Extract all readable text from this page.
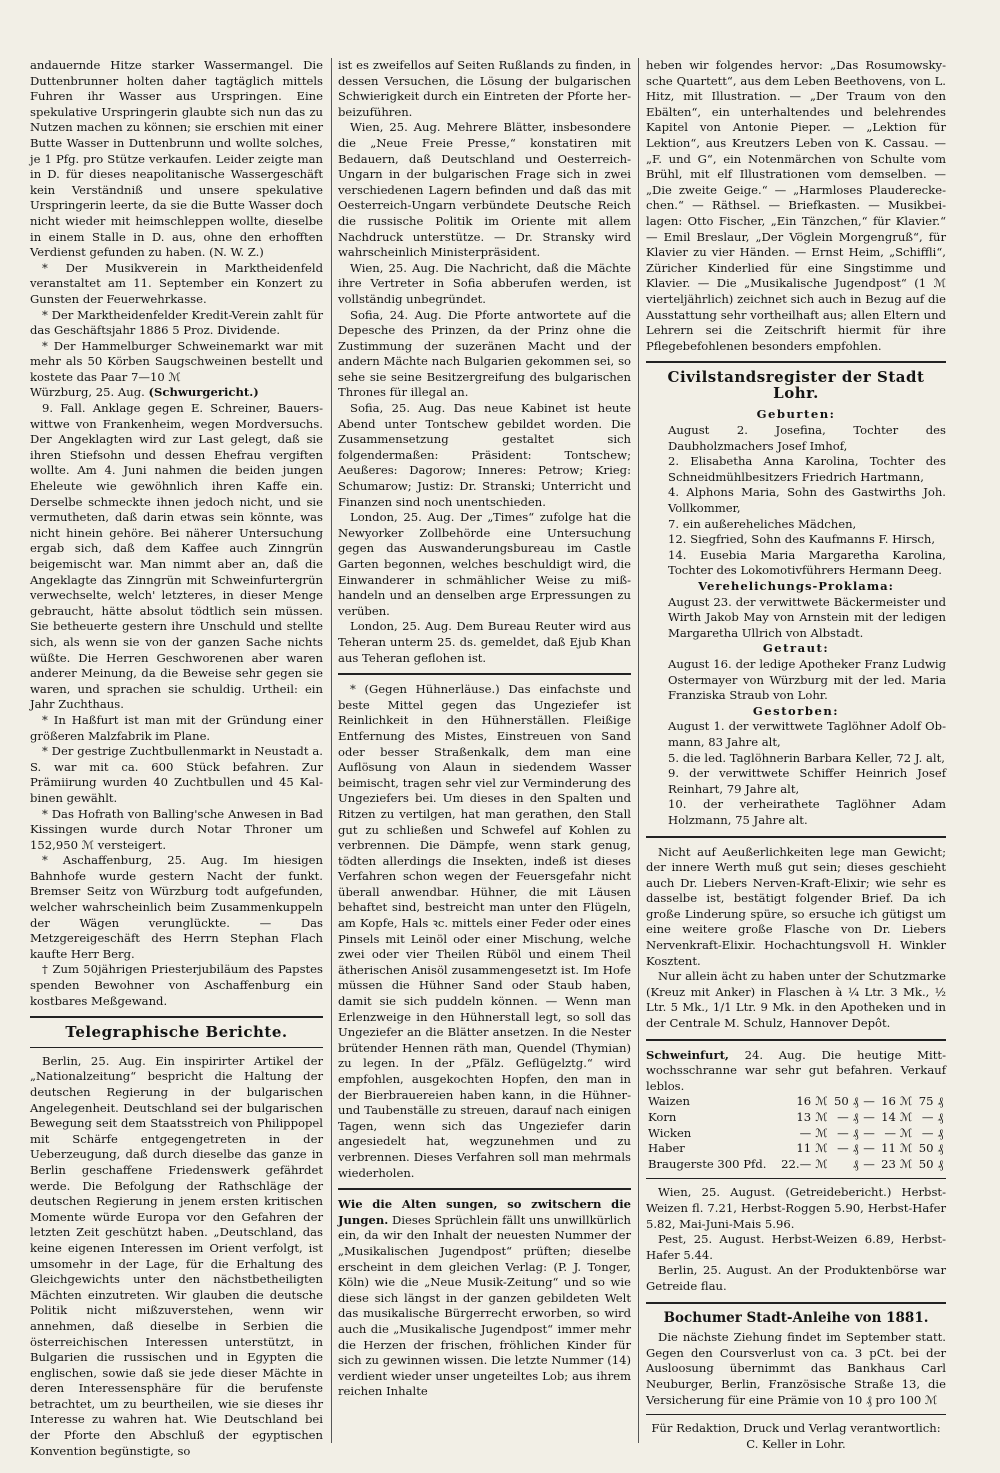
andauernde Hitze starker Wassermangel. Die Duttenbrunner holten daher tagtäglich mittels Fuhren ihr Wasser aus Urspringen. Eine spekulative Urspringerin glaubte sich nun das zu Nutzen machen zu können; sie erschien mit einer Butte Wasser in Duttenbrunn und wollte solches, je 1 Pfg. pro Stütze verkaufen. Leider zeigte man in D. für dieses neapolitanische Wassergeschäft kein Verständniß und unsere spekulative Urspringerin leerte, da sie die Butte Wasser doch nicht wieder mit heimschleppen wollte, dieselbe in einem Stalle in D. aus, ohne den erhofften Verdienst gefunden zu haben. (N. W. Z.)

* Der Musikverein in Marktheidenfeld veranstaltet am 11. September ein Konzert zu Gunsten der Feuerwehrkasse.

* Der Marktheidenfelder Kredit-Verein zahlt für das Geschäftsjahr 1886 5 Proz. Dividende.

* Der Hammelburger Schweinemarkt war mit mehr als 50 Körben Saugschweinen bestellt und kostete das Paar 7—10 ℳ

Würzburg, 25. Aug. (Schwurgericht.)

9. Fall. Anklage gegen E. Schreiner, Bauerswittwe von Frankenheim, wegen Mordversuchs. Der Angeklagten wird zur Last gelegt, daß sie ihren Stiefsohn und dessen Ehefrau vergiften wollte. Am 4. Juni nahmen die beiden jungen Eheleute wie gewöhnlich ihren Kaffe ein. Derselbe schmeckte ihnen jedoch nicht, und sie vermutheten, daß darin etwas sein könnte, was nicht hinein gehöre. Bei näherer Untersuchung ergab sich, daß dem Kaffee auch Zinngrün beigemischt war. Man nimmt aber an, daß die Angeklagte das Zinngrün mit Schweinfurtergrün verwechselte, welch' letzteres, in dieser Menge gebraucht, hätte absolut tödtlich sein müssen. Sie betheuerte gestern ihre Unschuld und stellte sich, als wenn sie von der ganzen Sache nichts wüßte. Die Herren Geschworenen aber waren anderer Meinung, da die Beweise sehr gegen sie waren, und sprachen sie schuldig. Urtheil: ein Jahr Zuchthaus.

* In Haßfurt ist man mit der Gründung einer größeren Malzfabrik im Plane.

* Der gestrige Zuchtbullenmarkt in Neustadt a. S. war mit ca. 600 Stück befahren. Zur Prämiirung wurden 40 Zuchtbullen und 45 Kalbinen gewählt.

* Das Hofrath von Balling'sche Anwesen in Bad Kissingen wurde durch Notar Throner um 152,950 ℳ versteigert.

* Aschaffenburg, 25. Aug. Im hiesigen Bahnhofe wurde gestern Nacht der funkt. Bremser Seitz von Würzburg todt aufgefunden, welcher wahrscheinlich beim Zusammenkuppeln der Wägen verunglückte. — Das Metzgereigeschäft des Herrn Stephan Flach kaufte Herr Berg.

† Zum 50jährigen Priesterjubiläum des Papstes spenden Bewohner von Aschaffenburg ein kostbares Meßgewand.

Telegraphische Berichte.

Berlin, 25. Aug. Ein inspirirter Artikel der „Nationalzeitung“ bespricht die Haltung der deutschen Regierung in der bulgarischen Angelegenheit. Deutschland sei der bulgarischen Bewegung seit dem Staatsstreich von Philippopel mit Schärfe entgegengetreten in der Ueberzeugung, daß durch dieselbe das ganze in Berlin geschaffene Friedenswerk gefährdet werde. Die Befolgung der Rathschläge der deutschen Regierung in jenem ersten kritischen Momente würde Europa vor den Gefahren der letzten Zeit geschützt haben. „Deutschland, das keine eigenen Interessen im Orient verfolgt, ist umsomehr in der Lage, für die Erhaltung des Gleichgewichts unter den nächstbetheiligten Mächten einzutreten. Wir glauben die deutsche Politik nicht mißzuverstehen, wenn wir annehmen, daß dieselbe in Serbien die österreichischen Interessen unterstützt, in Bulgarien die russischen und in Egypten die englischen, sowie daß sie jede dieser Mächte in deren Interessensphäre für die berufenste betrachtet, um zu beurtheilen, wie sie dieses ihr Interesse zu wahren hat. Wie Deutschland bei der Pforte den Abschluß der egyptischen Konvention begünstigte, so

ist es zweifellos auf Seiten Rußlands zu finden, in dessen Versuchen, die Lösung der bulgarischen Schwierigkeit durch ein Eintreten der Pforte herbeizuführen.

Wien, 25. Aug. Mehrere Blätter, insbesondere die „Neue Freie Presse,“ konstatiren mit Bedauern, daß Deutschland und Oesterreich-Ungarn in der bulgarischen Frage sich in zwei verschiedenen Lagern befinden und daß das mit Oesterreich-Ungarn verbündete Deutsche Reich die russische Politik im Oriente mit allem Nachdruck unterstütze. — Dr. Stransky wird wahrscheinlich Ministerpräsident.

Wien, 25. Aug. Die Nachricht, daß die Mächte ihre Vertreter in Sofia abberufen werden, ist vollständig unbegründet.

Sofia, 24. Aug. Die Pforte antwortete auf die Depesche des Prinzen, da der Prinz ohne die Zustimmung der suzeränen Macht und der andern Mächte nach Bulgarien gekommen sei, so sehe sie seine Besitzergreifung des bulgarischen Thrones für illegal an.

Sofia, 25. Aug. Das neue Kabinet ist heute Abend unter Tontschew gebildet worden. Die Zusammensetzung gestaltet sich folgendermaßen: Präsident: Tontschew; Aeußeres: Dagorow; Inneres: Petrow; Krieg: Schumarow; Justiz: Dr. Stranski; Unterricht und Finanzen sind noch unentschieden.

London, 25. Aug. Der „Times“ zufolge hat die Newyorker Zollbehörde eine Untersuchung gegen das Auswanderungsbureau im Castle Garten begonnen, welches beschuldigt wird, die Einwanderer in schmählicher Weise zu mißhandeln und an denselben arge Erpressungen zu verüben.

London, 25. Aug. Dem Bureau Reuter wird aus Teheran unterm 25. ds. gemeldet, daß Ejub Khan aus Teheran geflohen ist.

* (Gegen Hühnerläuse.) Das einfachste und beste Mittel gegen das Ungeziefer ist Reinlichkeit in den Hühnerställen. Fleißige Entfernung des Mistes, Einstreuen von Sand oder besser Straßenkalk, dem man eine Auflösung von Alaun in siedendem Wasser beimischt, tragen sehr viel zur Verminderung des Ungeziefers bei. Um dieses in den Spalten und Ritzen zu vertilgen, hat man gerathen, den Stall gut zu schließen und Schwefel auf Kohlen zu verbrennen. Die Dämpfe, wenn stark genug, tödten allerdings die Insekten, indeß ist dieses Verfahren schon wegen der Feuersgefahr nicht überall anwendbar. Hühner, die mit Läusen behaftet sind, bestreicht man unter den Flügeln, am Kopfe, Hals ꝛc. mittels einer Feder oder eines Pinsels mit Leinöl oder einer Mischung, welche zwei oder vier Theilen Rüböl und einem Theil ätherischen Anisöl zusammengesetzt ist. Im Hofe müssen die Hühner Sand oder Staub haben, damit sie sich puddeln können. — Wenn man Erlenzweige in den Hühnerstall legt, so soll das Ungeziefer an die Blätter ansetzen. In die Nester brütender Hennen räth man, Quendel (Thymian) zu legen. In der „Pfälz. Geflügelztg.“ wird empfohlen, ausgekochten Hopfen, den man in der Bierbrauereien haben kann, in die Hühner- und Taubenställe zu streuen, darauf nach einigen Tagen, wenn sich das Ungeziefer darin angesiedelt hat, wegzunehmen und zu verbrennen. Dieses Verfahren soll man mehrmals wiederholen.

Wie die Alten sungen, so zwitschern die Jungen. Dieses Sprüchlein fällt uns unwillkürlich ein, da wir den Inhalt der neuesten Nummer der „Musikalischen Jugendpost“ prüften; dieselbe erscheint in dem gleichen Verlag: (P. J. Tonger, Köln) wie die „Neue Musik-Zeitung“ und so wie diese sich längst in der ganzen gebildeten Welt das musikalische Bürgerrecht erworben, so wird auch die „Musikalische Jugendpost“ immer mehr die Herzen der frischen, fröhlichen Kinder für sich zu gewinnen wissen. Die letzte Nummer (14) verdient wieder unser ungeteiltes Lob; aus ihrem reichen Inhalte

heben wir folgendes hervor: „Das Rosumowskysche Quartett“, aus dem Leben Beethovens, von L. Hitz, mit Illustration. — „Der Traum von den Ebälten“, ein unterhaltendes und belehrendes Kapitel von Antonie Pieper. — „Lektion für Lektion“, aus Kreutzers Leben von K. Cassau. — „F. und G“, ein Notenmärchen von Schulte vom Brühl, mit elf Illustrationen vom demselben. — „Die zweite Geige.“ — „Harmloses Plaudereckechen.“ — Räthsel. — Briefkasten. — Musikbeilagen: Otto Fischer, „Ein Tänzchen,“ für Klavier.“ — Emil Breslaur, „Der Vöglein Morgengruß“, für Klavier zu vier Händen. — Ernst Heim, „Schiffli“, Züricher Kinderlied für eine Singstimme und Klavier. — Die „Musikalische Jugendpost“ (1 ℳ vierteljährlich) zeichnet sich auch in Bezug auf die Ausstattung sehr vortheilhaft aus; allen Eltern und Lehrern sei die Zeitschrift hiermit für ihre Pflegebefohlenen besonders empfohlen.

Civilstandsregister der Stadt Lohr.
Geburten:

August 2. Josefina, Tochter des Daubholzmachers Josef Imhof,

2. Elisabetha Anna Karolina, Tochter des Schneidmühlbesitzers Friedrich Hartmann,

4. Alphons Maria, Sohn des Gastwirths Joh. Vollkommer,

7. ein außereheliches Mädchen,

12. Siegfried, Sohn des Kaufmanns F. Hirsch,

14. Eusebia Maria Margaretha Karolina, Tochter des Lokomotivführers Hermann Deeg.

Verehelichungs-Proklama:

August 23. der verwittwete Bäckermeister und Wirth Jakob May von Arnstein mit der ledigen Margaretha Ullrich von Albstadt.

Getraut:

August 16. der ledige Apotheker Franz Ludwig Ostermayer von Würzburg mit der led. Maria Franziska Straub von Lohr.

Gestorben:

August 1. der verwittwete Taglöhner Adolf Obmann, 83 Jahre alt,

5. die led. Taglöhnerin Barbara Keller, 72 J. alt,

9. der verwittwete Schiffer Heinrich Josef Reinhart, 79 Jahre alt,

10. der verheirathete Taglöhner Adam Holzmann, 75 Jahre alt.

Nicht auf Aeußerlichkeiten lege man Gewicht; der innere Werth muß gut sein; dieses geschieht auch Dr. Liebers Nerven-Kraft-Elixir; wie sehr es dasselbe ist, bestätigt folgender Brief. Da ich große Linderung spüre, so ersuche ich gütigst um eine weitere große Flasche von Dr. Liebers Nervenkraft-Elixir. Hochachtungsvoll H. Winkler Kosztent.

Nur allein ächt zu haben unter der Schutzmarke (Kreuz mit Anker) in Flaschen à ¼ Ltr. 3 Mk., ½ Ltr. 5 Mk., 1/1 Ltr. 9 Mk. in den Apotheken und in der Centrale M. Schulz, Hannover Depôt.

Schweinfurt, 24. Aug. Die heutige Mittwochsschranne war sehr gut befahren. Verkauf leblos.

Waizen	16	ℳ	50	₰	—	16	ℳ	75	₰
Korn	13	ℳ	—	₰	—	14	ℳ	—	₰
Wicken	—	ℳ	—	₰	—	—	ℳ	—	₰
Haber	11	ℳ	—	₰	—	11	ℳ	50	₰
Braugerste 300 Pfd.	22.—	ℳ		₰	—	23	ℳ	50	₰

Wien, 25. August. (Getreidebericht.) Herbst-Weizen fl. 7.21, Herbst-Roggen 5.90, Herbst-Hafer 5.82, Mai-Juni-Mais 5.96.

Pest, 25. August. Herbst-Weizen 6.89, Herbst-Hafer 5.44.

Berlin, 25. August. An der Produktenbörse war Getreide flau.

Bochumer Stadt-Anleihe von 1881.

Die nächste Ziehung findet im September statt. Gegen den Coursverlust von ca. 3 pCt. bei der Ausloosung übernimmt das Bankhaus Carl Neuburger, Berlin, Französische Straße 13, die Versicherung für eine Prämie von 10 ₰ pro 100 ℳ

Für Redaktion, Druck und Verlag verantwortlich: C. Keller in Lohr.
